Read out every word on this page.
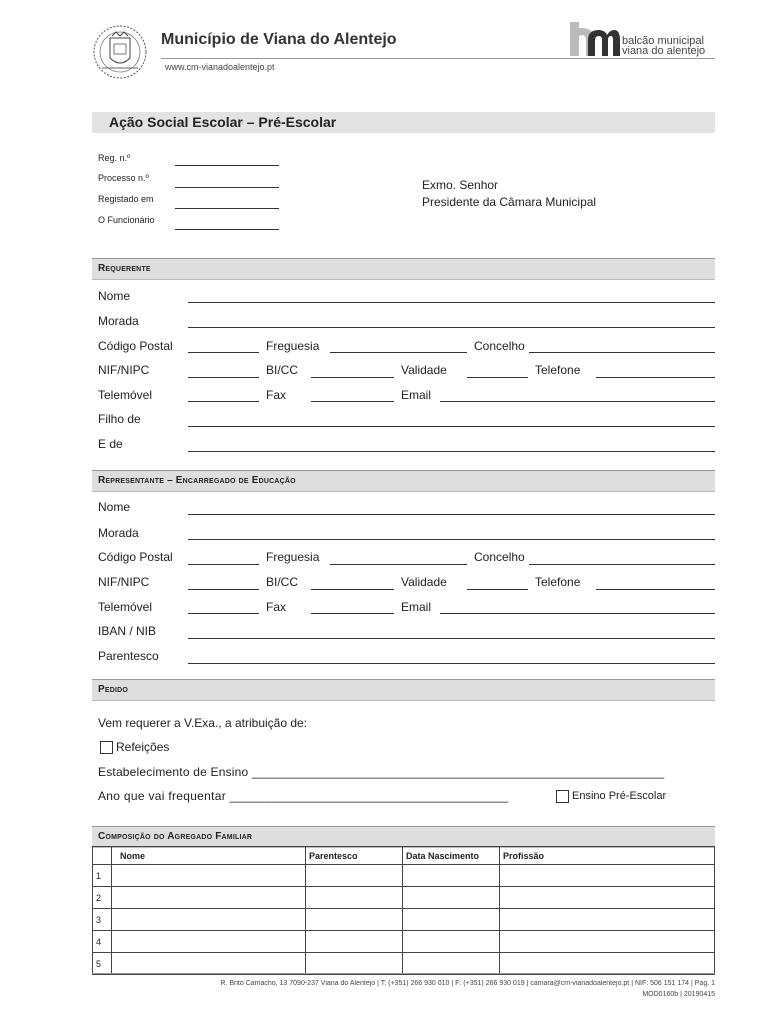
Município de Viana do Alentejo
www.cm-vianadoalentejo.pt
balcão municipal
viana do alentejo
Ação Social Escolar – Pré-Escolar
Reg. n.º
Processo n.º
Registado em
O Funcionário
Exmo. Senhor
Presidente da Câmara Municipal
Requerente
Nome
Morada
Código Postal	Freguesia	Concelho
NIF/NIPC	BI/CC	Validade	Telefone
Telemóvel	Fax	Email
Filho de
E de
Representante – Encarregado de Educação
Nome
Morada
Código Postal	Freguesia	Concelho
NIF/NIPC	BI/CC	Validade	Telefone
Telemóvel	Fax	Email
IBAN / NIB
Parentesco
Pedido
Vem requerer a V.Exa., a atribuição de:
Refeições
Estabelecimento de Ensino ____________________________________________________________
Ano que vai frequentar ________________________________________	Ensino Pré-Escolar
Composição do Agregado Familiar
	Nome	Parentesco	Data Nascimento	Profissão
1				
2				
3				
4				
5				
R. Brito Camacho, 13 7090-237 Viana do Alentejo | T: (+351) 266 930 010 | F: (+351) 266 930 019 | camara@cm-vianadoalentejo.pt | NIF: 506 151 174 | Pág. 1
MOD0160b | 20190415
